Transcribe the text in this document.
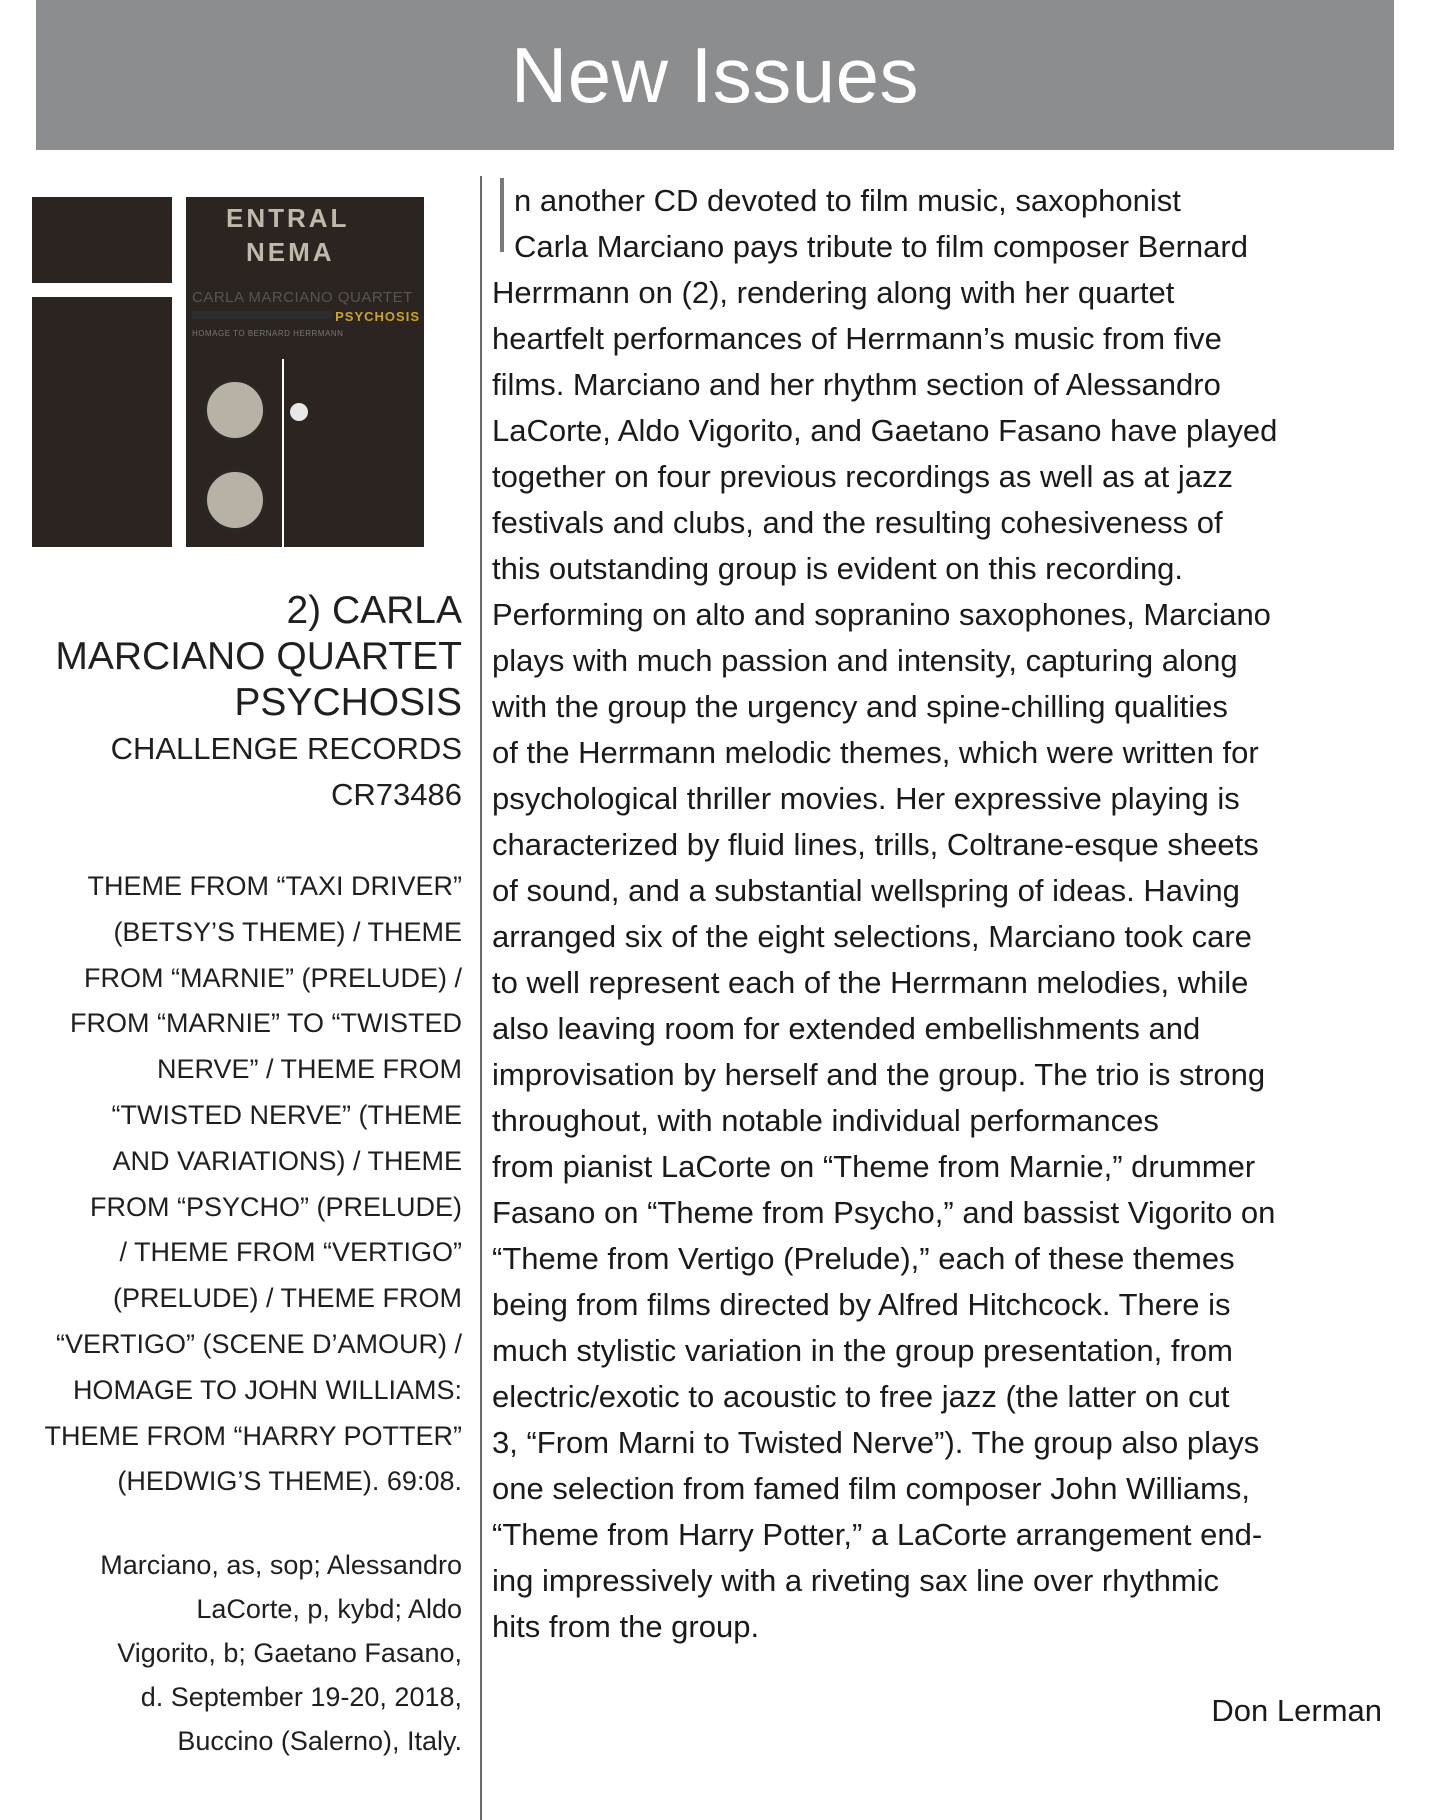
New Issues
ENTRAL
NEMA
CARLA MARCIANO QUARTET
PSYCHOSIS
HOMAGE TO BERNARD HERRMANN
2) CARLA
MARCIANO QUARTET
PSYCHOSIS
CHALLENGE RECORDS
CR73486
THEME FROM “TAXI DRIVER”
(BETSY’S THEME) / THEME
FROM “MARNIE” (PRELUDE) /
FROM “MARNIE” TO “TWISTED
NERVE” / THEME FROM
“TWISTED NERVE” (THEME
AND VARIATIONS) / THEME
FROM “PSYCHO” (PRELUDE)
/ THEME FROM “VERTIGO”
(PRELUDE) / THEME FROM
“VERTIGO” (SCENE D’AMOUR) /
HOMAGE TO JOHN WILLIAMS:
THEME FROM “HARRY POTTER”
(HEDWIG’S THEME). 69:08.
Marciano, as, sop; Alessandro
LaCorte, p, kybd; Aldo
Vigorito, b; Gaetano Fasano,
d. September 19-20, 2018,
Buccino (Salerno), Italy.
n another CD devoted to film music, saxophonist
Carla Marciano pays tribute to film composer Bernard
Herrmann on (2), rendering along with her quartet
heartfelt performances of Herrmann’s music from five
films. Marciano and her rhythm section of Alessandro
LaCorte, Aldo Vigorito, and Gaetano Fasano have played
together on four previous recordings as well as at jazz
festivals and clubs, and the resulting cohesiveness of
this outstanding group is evident on this recording.
Performing on alto and sopranino saxophones, Marciano
plays with much passion and intensity, capturing along
with the group the urgency and spine-chilling qualities
of the Herrmann melodic themes, which were written for
psychological thriller movies. Her expressive playing is
characterized by fluid lines, trills, Coltrane-esque sheets
of sound, and a substantial wellspring of ideas. Having
arranged six of the eight selections, Marciano took care
to well represent each of the Herrmann melodies, while
also leaving room for extended embellishments and
improvisation by herself and the group. The trio is strong
throughout, with notable individual performances
from pianist LaCorte on “Theme from Marnie,” drummer
Fasano on “Theme from Psycho,” and bassist Vigorito on
“Theme from Vertigo (Prelude),” each of these themes
being from films directed by Alfred Hitchcock. There is
much stylistic variation in the group presentation, from
electric/exotic to acoustic to free jazz (the latter on cut
3, “From Marni to Twisted Nerve”). The group also plays
one selection from famed film composer John Williams,
“Theme from Harry Potter,” a LaCorte arrangement end-
ing impressively with a riveting sax line over rhythmic
hits from the group.
Don Lerman
